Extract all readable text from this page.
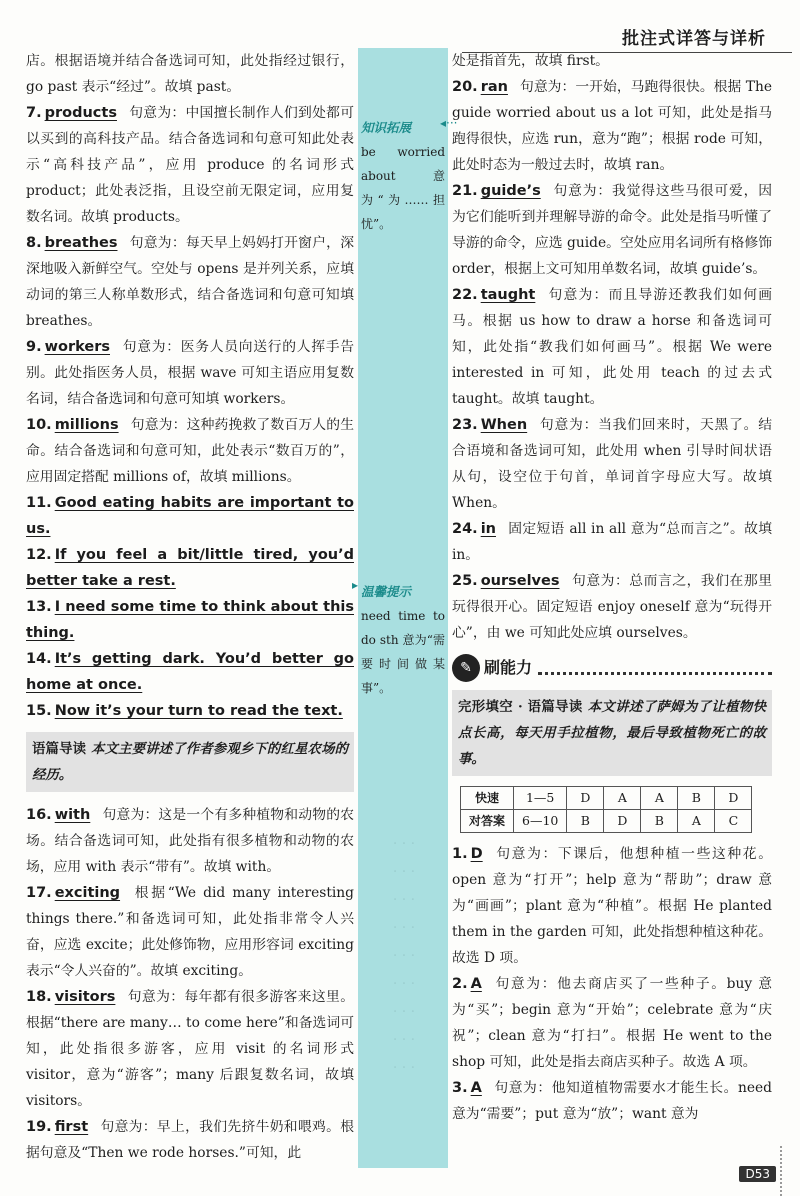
批注式详答与详析
店。根据语境并结合备选词可知，此处指经过银行，go past 表示“经过”。故填 past。
7. products 句意为：中国擅长制作人们到处都可以买到的高科技产品。结合备选词和句意可知此处表示“高科技产品”，应用 produce 的名词形式 product；此处表泛指，且设空前无限定词，应用复数名词。故填 products。
8. breathes 句意为：每天早上妈妈打开窗户，深深地吸入新鲜空气。空处与 opens 是并列关系，应填动词的第三人称单数形式，结合备选词和句意可知填 breathes。
9. workers 句意为：医务人员向送行的人挥手告别。此处指医务人员，根据 wave 可知主语应用复数名词，结合备选词和句意可知填 workers。
10. millions 句意为：这种药挽救了数百万人的生命。结合备选词和句意可知，此处表示“数百万的”，应用固定搭配 millions of，故填 millions。
11. Good eating habits are important to us.
12. If you feel a bit/little tired, you’d better take a rest.
13. I need some time to think about this thing.
14. It’s getting dark. You’d better go home at once.
15. Now it’s your turn to read the text.
语篇导读 本文主要讲述了作者参观乡下的红星农场的经历。
16. with 句意为：这是一个有多种植物和动物的农场。结合备选词可知，此处指有很多植物和动物的农场，应用 with 表示“带有”。故填 with。
17. exciting 根据“We did many interesting things there.”和备选词可知，此处指非常令人兴奋，应选 excite；此处修饰物，应用形容词 exciting 表示“令人兴奋的”。故填 exciting。
18. visitors 句意为：每年都有很多游客来这里。根据“there are many… to come here”和备选词可知，此处指很多游客，应用 visit 的名词形式 visitor，意为“游客”；many 后跟复数名词，故填 visitors。
19. first 句意为：早上，我们先挤牛奶和喂鸡。根据句意及“Then we rode horses.”可知，此
知识拓展
be worried about 意为“为……担忧”。
温馨提示
need time to do sth 意为“需要时间做某事”。
◂···
▸
· · ·
· · ·
· · ·
· · ·
· · ·
· · ·
· · ·
· · ·
· · ·
处是指首先，故填 first。
20. ran 句意为：一开始，马跑得很快。根据 The guide worried about us a lot 可知，此处是指马跑得很快，应选 run，意为“跑”；根据 rode 可知，此处时态为一般过去时，故填 ran。
21. guide’s 句意为：我觉得这些马很可爱，因为它们能听到并理解导游的命令。此处是指马听懂了导游的命令，应选 guide。空处应用名词所有格修饰 order，根据上文可知用单数名词，故填 guide’s。
22. taught 句意为：而且导游还教我们如何画马。根据 us how to draw a horse 和备选词可知，此处指“教我们如何画马”。根据 We were interested in 可知，此处用 teach 的过去式 taught。故填 taught。
23. When 句意为：当我们回来时，天黑了。结合语境和备选词可知，此处用 when 引导时间状语从句，设空位于句首，单词首字母应大写。故填 When。
24. in 固定短语 all in all 意为“总而言之”。故填 in。
25. ourselves 句意为：总而言之，我们在那里玩得很开心。固定短语 enjoy oneself 意为“玩得开心”，由 we 可知此处应填 ourselves。
✎ 刷能力
完形填空 · 语篇导读 本文讲述了萨姆为了让植物快点长高，每天用手拉植物，最后导致植物死亡的故事。
快速	1—5	D	A	A	B	D
对答案	6—10	B	D	B	A	C
1. D 句意为：下课后，他想种植一些这种花。open 意为“打开”；help 意为“帮助”；draw 意为“画画”；plant 意为“种植”。根据 He planted them in the garden 可知，此处指想种植这种花。故选 D 项。
2. A 句意为：他去商店买了一些种子。buy 意为“买”；begin 意为“开始”；celebrate 意为“庆祝”；clean 意为“打扫”。根据 He went to the shop 可知，此处是指去商店买种子。故选 A 项。
3. A 句意为：他知道植物需要水才能生长。need 意为“需要”；put 意为“放”；want 意为
D53
